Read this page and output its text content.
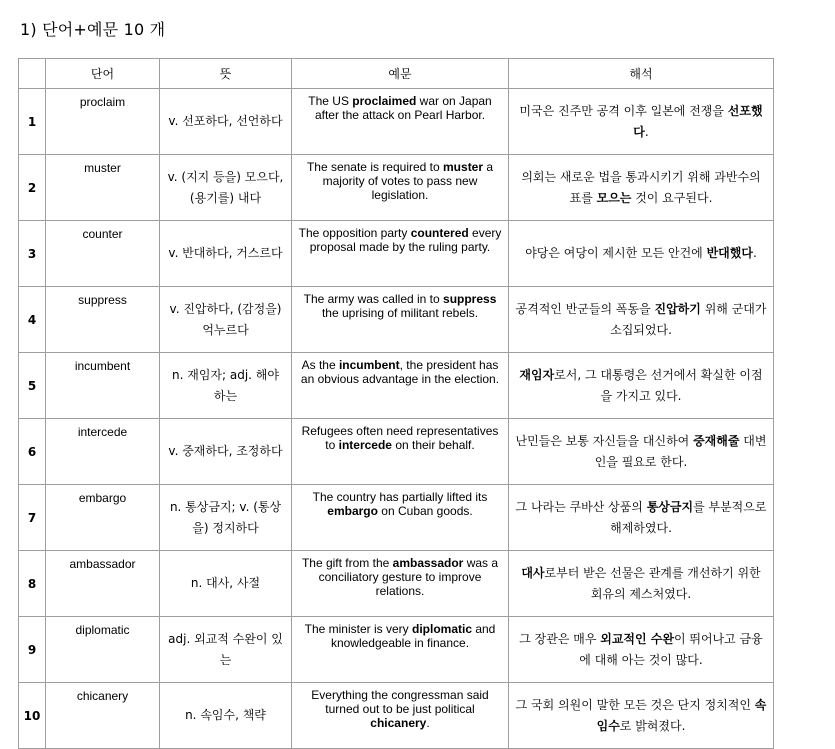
1) 단어+예문 10 개
	단어	뜻	예문	해석
1	proclaim	v. 선포하다, 선언하다	The US proclaimed war on Japan after the attack on Pearl Harbor.	미국은 진주만 공격 이후 일본에 전쟁을 선포했다.
2	muster	v. (지지 등을) 모으다, (용기를) 내다	The senate is required to muster a majority of votes to pass new legislation.	의회는 새로운 법을 통과시키기 위해 과반수의 표를 모으는 것이 요구된다.
3	counter	v. 반대하다, 거스르다	The opposition party countered every proposal made by the ruling party.	야당은 여당이 제시한 모든 안건에 반대했다.
4	suppress	v. 진압하다, (감정을) 억누르다	The army was called in to suppress the uprising of militant rebels.	공격적인 반군들의 폭동을 진압하기 위해 군대가 소집되었다.
5	incumbent	n. 재임자; adj. 해야 하는	As the incumbent, the president has an obvious advantage in the election.	재임자로서, 그 대통령은 선거에서 확실한 이점을 가지고 있다.
6	intercede	v. 중재하다, 조정하다	Refugees often need representatives to intercede on their behalf.	난민들은 보통 자신들을 대신하여 중재해줄 대변인을 필요로 한다.
7	embargo	n. 통상금지; v. (통상을) 정지하다	The country has partially lifted its embargo on Cuban goods.	그 나라는 쿠바산 상품의 통상금지를 부분적으로 해제하였다.
8	ambassador	n. 대사, 사절	The gift from the ambassador was a conciliatory gesture to improve relations.	대사로부터 받은 선물은 관계를 개선하기 위한 회유의 제스처였다.
9	diplomatic	adj. 외교적 수완이 있는	The minister is very diplomatic and knowledgeable in finance.	그 장관은 매우 외교적인 수완이 뛰어나고 금융에 대해 아는 것이 많다.
10	chicanery	n. 속임수, 책략	Everything the congressman said turned out to be just political chicanery.	그 국회 의원이 말한 모든 것은 단지 정치적인 속임수로 밝혀졌다.
